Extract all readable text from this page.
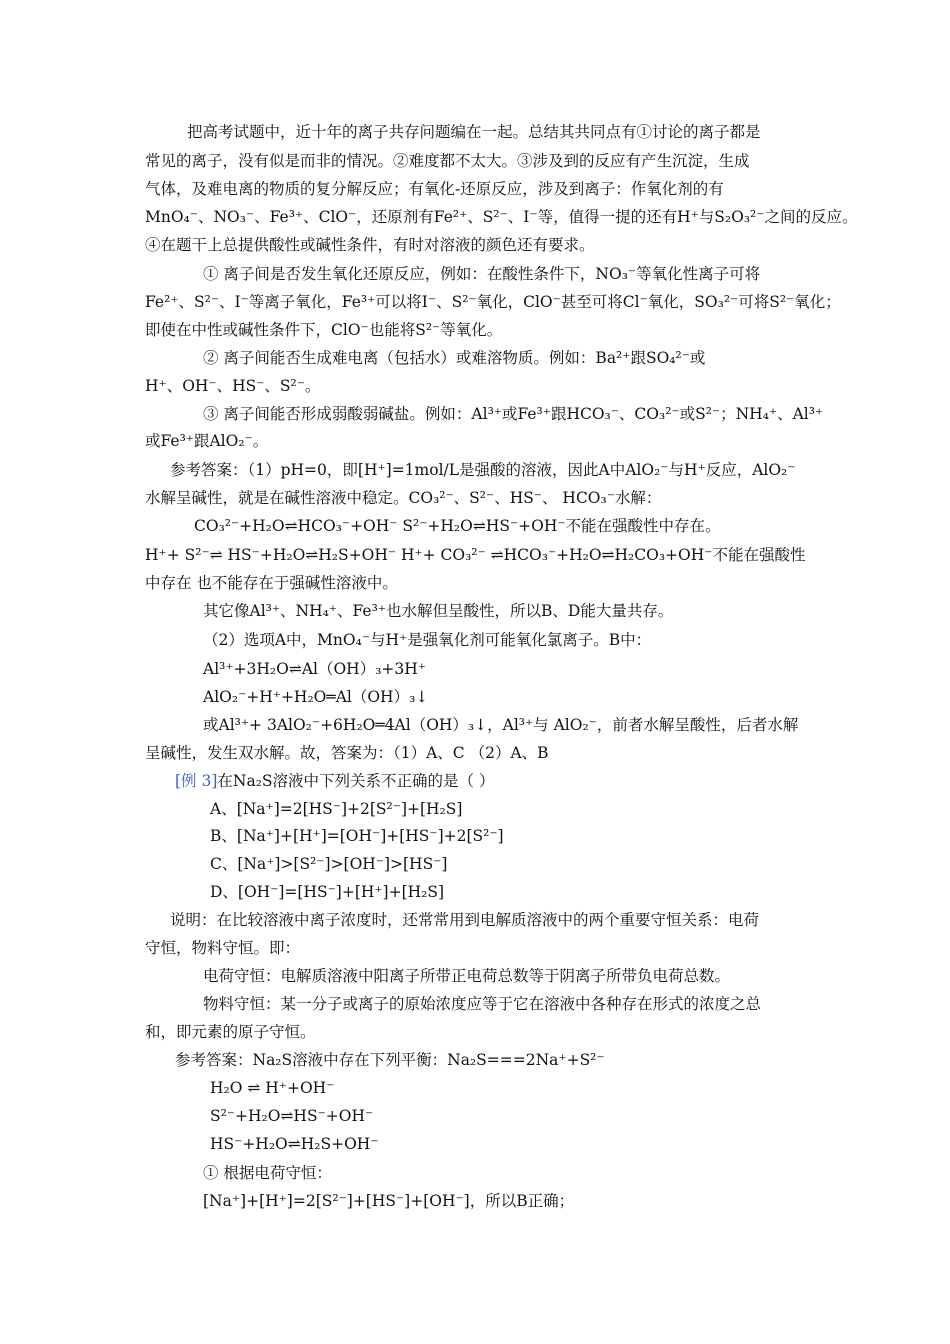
把高考试题中，近十年的离子共存问题编在一起。总结其共同点有①讨论的离子都是
常见的离子，没有似是而非的情况。②难度都不太大。③涉及到的反应有产生沉淀，生成
气体，及难电离的物质的复分解反应；有氧化-还原反应，涉及到离子：作氧化剂的有
MnO₄⁻、NO₃⁻、Fe³⁺、ClO⁻，还原剂有Fe²⁺、S²⁻、I⁻等，值得一提的还有H⁺与S₂O₃²⁻之间的反应。
④在题干上总提供酸性或碱性条件，有时对溶液的颜色还有要求。
① 离子间是否发生氧化还原反应，例如：在酸性条件下，NO₃⁻等氧化性离子可将
Fe²⁺、S²⁻、I⁻等离子氧化，Fe³⁺可以将I⁻、S²⁻氧化，ClO⁻甚至可将Cl⁻氧化，SO₃²⁻可将S²⁻氧化；
即使在中性或碱性条件下，ClO⁻也能将S²⁻等氧化。
② 离子间能否生成难电离（包括水）或难溶物质。例如：Ba²⁺跟SO₄²⁻或
H⁺、OH⁻、HS⁻、S²⁻。
③ 离子间能否形成弱酸弱碱盐。例如：Al³⁺或Fe³⁺跟HCO₃⁻、CO₃²⁻或S²⁻；NH₄⁺、Al³⁺
或Fe³⁺跟AlO₂⁻。
参考答案：（1）pH=0，即[H⁺]=1mol/L是强酸的溶液，因此A中AlO₂⁻与H⁺反应，AlO₂⁻
水解呈碱性，就是在碱性溶液中稳定。CO₃²⁻、S²⁻、HS⁻、 HCO₃⁻水解：
CO₃²⁻+H₂O⇌HCO₃⁻+OH⁻ S²⁻+H₂O⇌HS⁻+OH⁻不能在强酸性中存在。
H⁺+ S²⁻⇌ HS⁻+H₂O⇌H₂S+OH⁻ H⁺+ CO₃²⁻ ⇌HCO₃⁻+H₂O⇌H₂CO₃+OH⁻不能在强酸性
中存在 也不能存在于强碱性溶液中。
其它像Al³⁺、NH₄⁺、Fe³⁺也水解但呈酸性，所以B、D能大量共存。
（2）选项A中，MnO₄⁻与H⁺是强氧化剂可能氧化氯离子。B中：
Al³⁺+3H₂O⇌Al（OH）₃+3H⁺
AlO₂⁻+H⁺+H₂O═Al（OH）₃↓
或Al³⁺+ 3AlO₂⁻+6H₂O═4Al（OH）₃↓，Al³⁺与 AlO₂⁻，前者水解呈酸性，后者水解
呈碱性，发生双水解。故，答案为：（1）A、C （2）A、B
[例 3]在Na₂S溶液中下列关系不正确的是（ ）
A、[Na⁺]=2[HS⁻]+2[S²⁻]+[H₂S]
B、[Na⁺]+[H⁺]=[OH⁻]+[HS⁻]+2[S²⁻]
C、[Na⁺]>[S²⁻]>[OH⁻]>[HS⁻]
D、[OH⁻]=[HS⁻]+[H⁺]+[H₂S]
说明：在比较溶液中离子浓度时，还常常用到电解质溶液中的两个重要守恒关系：电荷
守恒，物料守恒。即：
电荷守恒：电解质溶液中阳离子所带正电荷总数等于阴离子所带负电荷总数。
物料守恒：某一分子或离子的原始浓度应等于它在溶液中各种存在形式的浓度之总
和，即元素的原子守恒。
参考答案：Na₂S溶液中存在下列平衡：Na₂S===2Na⁺+S²⁻
H₂O ⇌ H⁺+OH⁻
S²⁻+H₂O⇌HS⁻+OH⁻
HS⁻+H₂O⇌H₂S+OH⁻
① 根据电荷守恒：
[Na⁺]+[H⁺]=2[S²⁻]+[HS⁻]+[OH⁻]，所以B正确；
